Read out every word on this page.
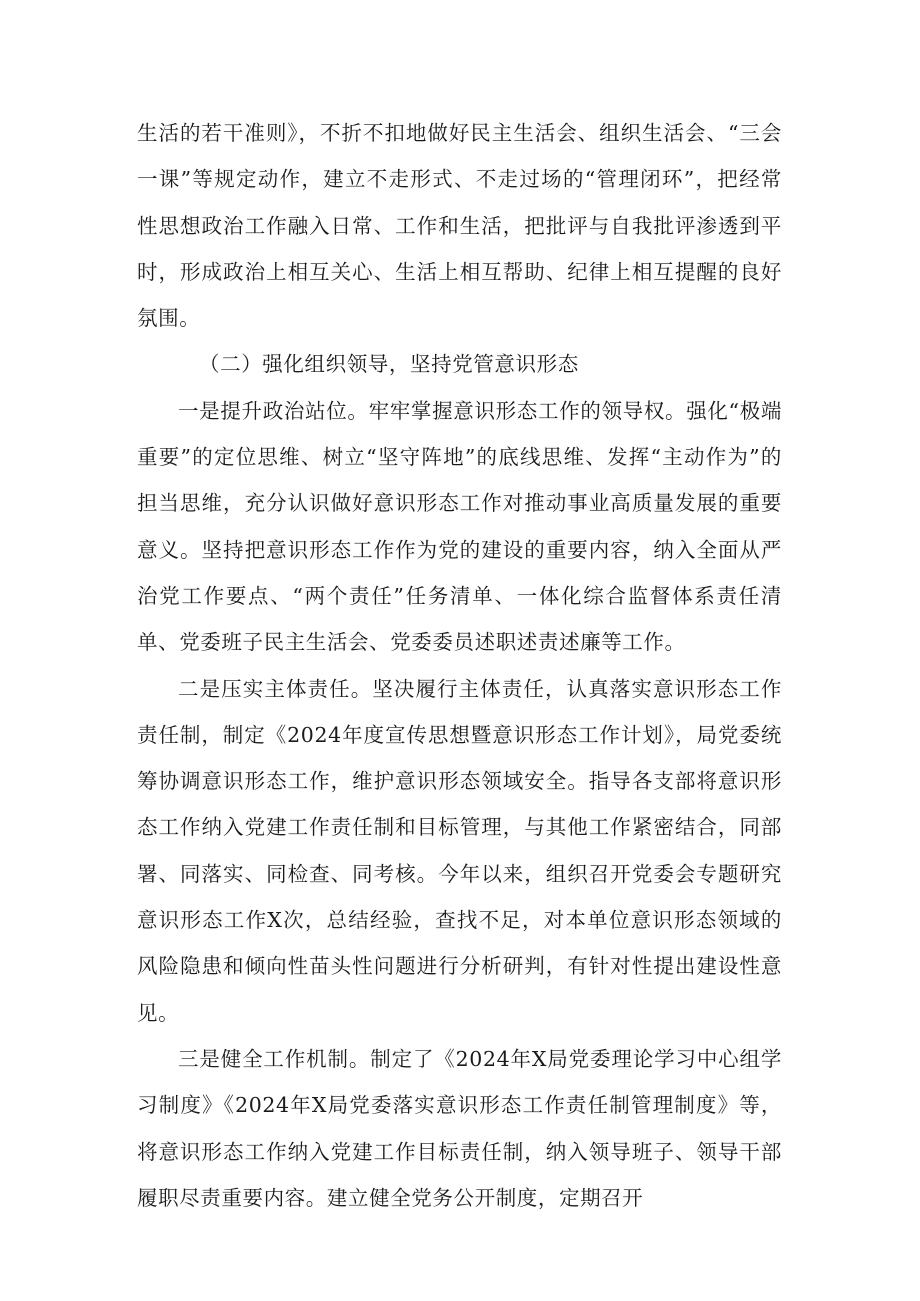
生活的若干准则》，不折不扣地做好民主生活会、组织生活会、“三会一课”等规定动作，建立不走形式、不走过场的“管理闭环”，把经常性思想政治工作融入日常、工作和生活，把批评与自我批评渗透到平时，形成政治上相互关心、生活上相互帮助、纪律上相互提醒的良好氛围。

（二）强化组织领导，坚持党管意识形态

一是提升政治站位。牢牢掌握意识形态工作的领导权。强化“极端重要”的定位思维、树立“坚守阵地”的底线思维、发挥“主动作为”的担当思维，充分认识做好意识形态工作对推动事业高质量发展的重要意义。坚持把意识形态工作作为党的建设的重要内容，纳入全面从严治党工作要点、“两个责任”任务清单、一体化综合监督体系责任清单、党委班子民主生活会、党委委员述职述责述廉等工作。

二是压实主体责任。坚决履行主体责任，认真落实意识形态工作责任制，制定《2024年度宣传思想暨意识形态工作计划》，局党委统筹协调意识形态工作，维护意识形态领域安全。指导各支部将意识形态工作纳入党建工作责任制和目标管理，与其他工作紧密结合，同部署、同落实、同检查、同考核。今年以来，组织召开党委会专题研究意识形态工作X次，总结经验，查找不足，对本单位意识形态领域的风险隐患和倾向性苗头性问题进行分析研判，有针对性提出建设性意见。

三是健全工作机制。制定了《2024年X局党委理论学习中心组学习制度》《2024年X局党委落实意识形态工作责任制管理制度》等，将意识形态工作纳入党建工作目标责任制，纳入领导班子、领导干部履职尽责重要内容。建立健全党务公开制度，定期召开
